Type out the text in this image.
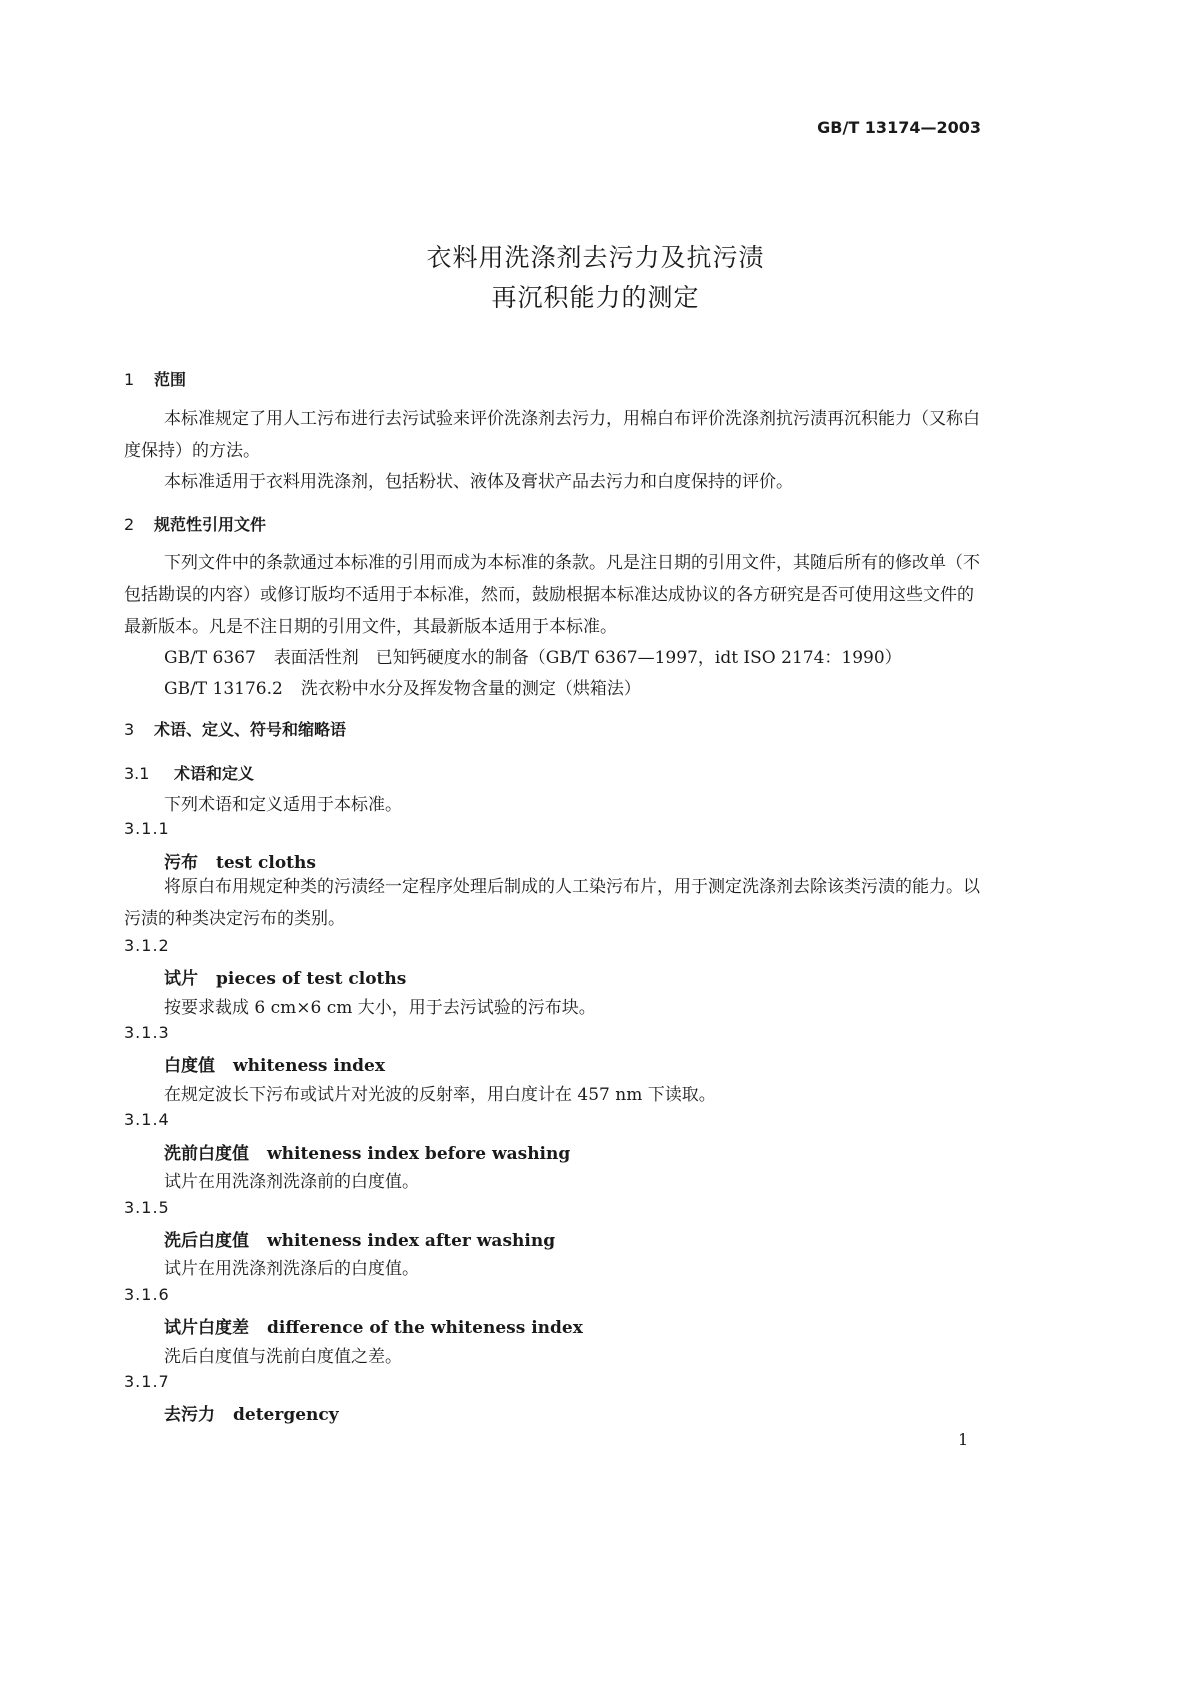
GB/T 13174—2003
衣料用洗涤剂去污力及抗污渍
再沉积能力的测定
1 范围
本标准规定了用人工污布进行去污试验来评价洗涤剂去污力，用棉白布评价洗涤剂抗污渍再沉积能力（又称白度保持）的方法。
本标准适用于衣料用洗涤剂，包括粉状、液体及膏状产品去污力和白度保持的评价。
2 规范性引用文件
下列文件中的条款通过本标准的引用而成为本标准的条款。凡是注日期的引用文件，其随后所有的修改单（不包括勘误的内容）或修订版均不适用于本标准，然而，鼓励根据本标准达成协议的各方研究是否可使用这些文件的最新版本。凡是不注日期的引用文件，其最新版本适用于本标准。
GB/T 6367 表面活性剂　已知钙硬度水的制备（GB/T 6367—1997，idt ISO 2174：1990）
GB/T 13176.2 洗衣粉中水分及挥发物含量的测定（烘箱法）
3 术语、定义、符号和缩略语
3.1 术语和定义
下列术语和定义适用于本标准。
3.1.1
污布 test cloths
将原白布用规定种类的污渍经一定程序处理后制成的人工染污布片，用于测定洗涤剂去除该类污渍的能力。以污渍的种类决定污布的类别。
3.1.2
试片 pieces of test cloths
按要求裁成 6 cm×6 cm 大小，用于去污试验的污布块。
3.1.3
白度值 whiteness index
在规定波长下污布或试片对光波的反射率，用白度计在 457 nm 下读取。
3.1.4
洗前白度值 whiteness index before washing
试片在用洗涤剂洗涤前的白度值。
3.1.5
洗后白度值 whiteness index after washing
试片在用洗涤剂洗涤后的白度值。
3.1.6
试片白度差 difference of the whiteness index
洗后白度值与洗前白度值之差。
3.1.7
去污力 detergency
1
